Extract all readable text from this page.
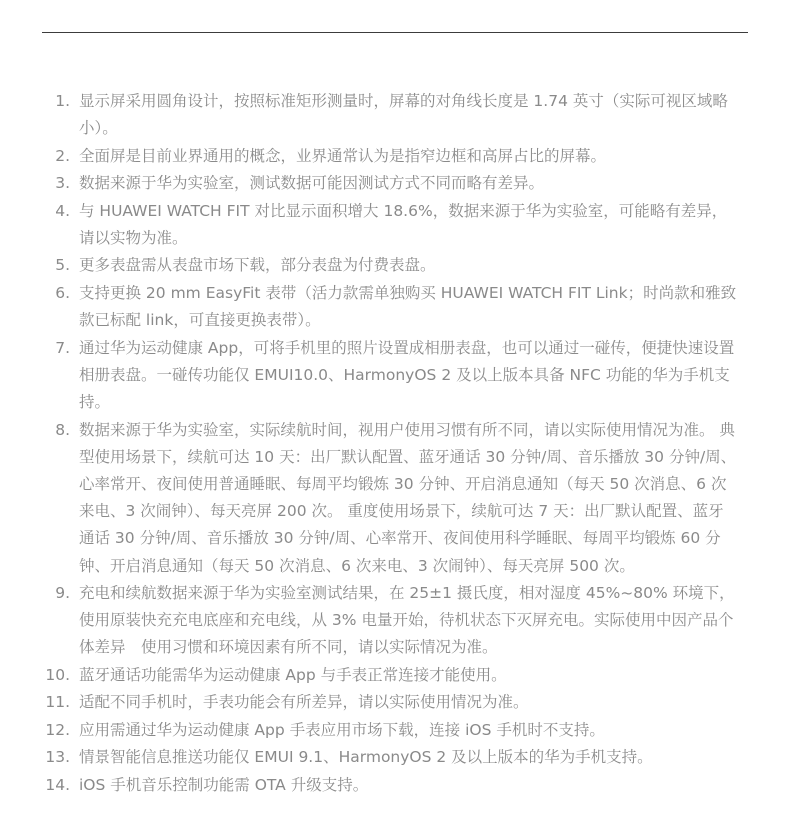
1. 显示屏采用圆角设计，按照标准矩形测量时，屏幕的对角线长度是 1.74 英寸（实际可视区域略小）。
2. 全面屏是目前业界通用的概念，业界通常认为是指窄边框和高屏占比的屏幕。
3. 数据来源于华为实验室，测试数据可能因测试方式不同而略有差异。
4. 与 HUAWEI WATCH FIT 对比显示面积增大 18.6%，数据来源于华为实验室，可能略有差异，请以实物为准。
5. 更多表盘需从表盘市场下载，部分表盘为付费表盘。
6. 支持更换 20 mm EasyFit 表带（活力款需单独购买 HUAWEI WATCH FIT Link；时尚款和雅致款已标配 link，可直接更换表带）。
7. 通过华为运动健康 App，可将手机里的照片设置成相册表盘，也可以通过一碰传，便捷快速设置相册表盘。一碰传功能仅 EMUI10.0、HarmonyOS 2 及以上版本具备 NFC 功能的华为手机支持。
8. 数据来源于华为实验室，实际续航时间，视用户使用习惯有所不同，请以实际使用情况为准。 典型使用场景下，续航可达 10 天：出厂默认配置、蓝牙通话 30 分钟/周、音乐播放 30 分钟/周、心率常开、夜间使用普通睡眠、每周平均锻炼 30 分钟、开启消息通知（每天 50 次消息、6 次来电、3 次闹钟）、每天亮屏 200 次。 重度使用场景下，续航可达 7 天：出厂默认配置、蓝牙通话 30 分钟/周、音乐播放 30 分钟/周、心率常开、夜间使用科学睡眠、每周平均锻炼 60 分钟、开启消息通知（每天 50 次消息、6 次来电、3 次闹钟）、每天亮屏 500 次。
9. 充电和续航数据来源于华为实验室测试结果，在 25±1 摄氏度，相对湿度 45%~80% 环境下，使用原装快充充电底座和充电线，从 3% 电量开始，待机状态下灭屏充电。实际使用中因产品个体差异　使用习惯和环境因素有所不同，请以实际情况为准。
10. 蓝牙通话功能需华为运动健康 App 与手表正常连接才能使用。
11. 适配不同手机时，手表功能会有所差异，请以实际使用情况为准。
12. 应用需通过华为运动健康 App 手表应用市场下载，连接 iOS 手机时不支持。
13. 情景智能信息推送功能仅 EMUI 9.1、HarmonyOS 2 及以上版本的华为手机支持。
14. iOS 手机音乐控制功能需 OTA 升级支持。
